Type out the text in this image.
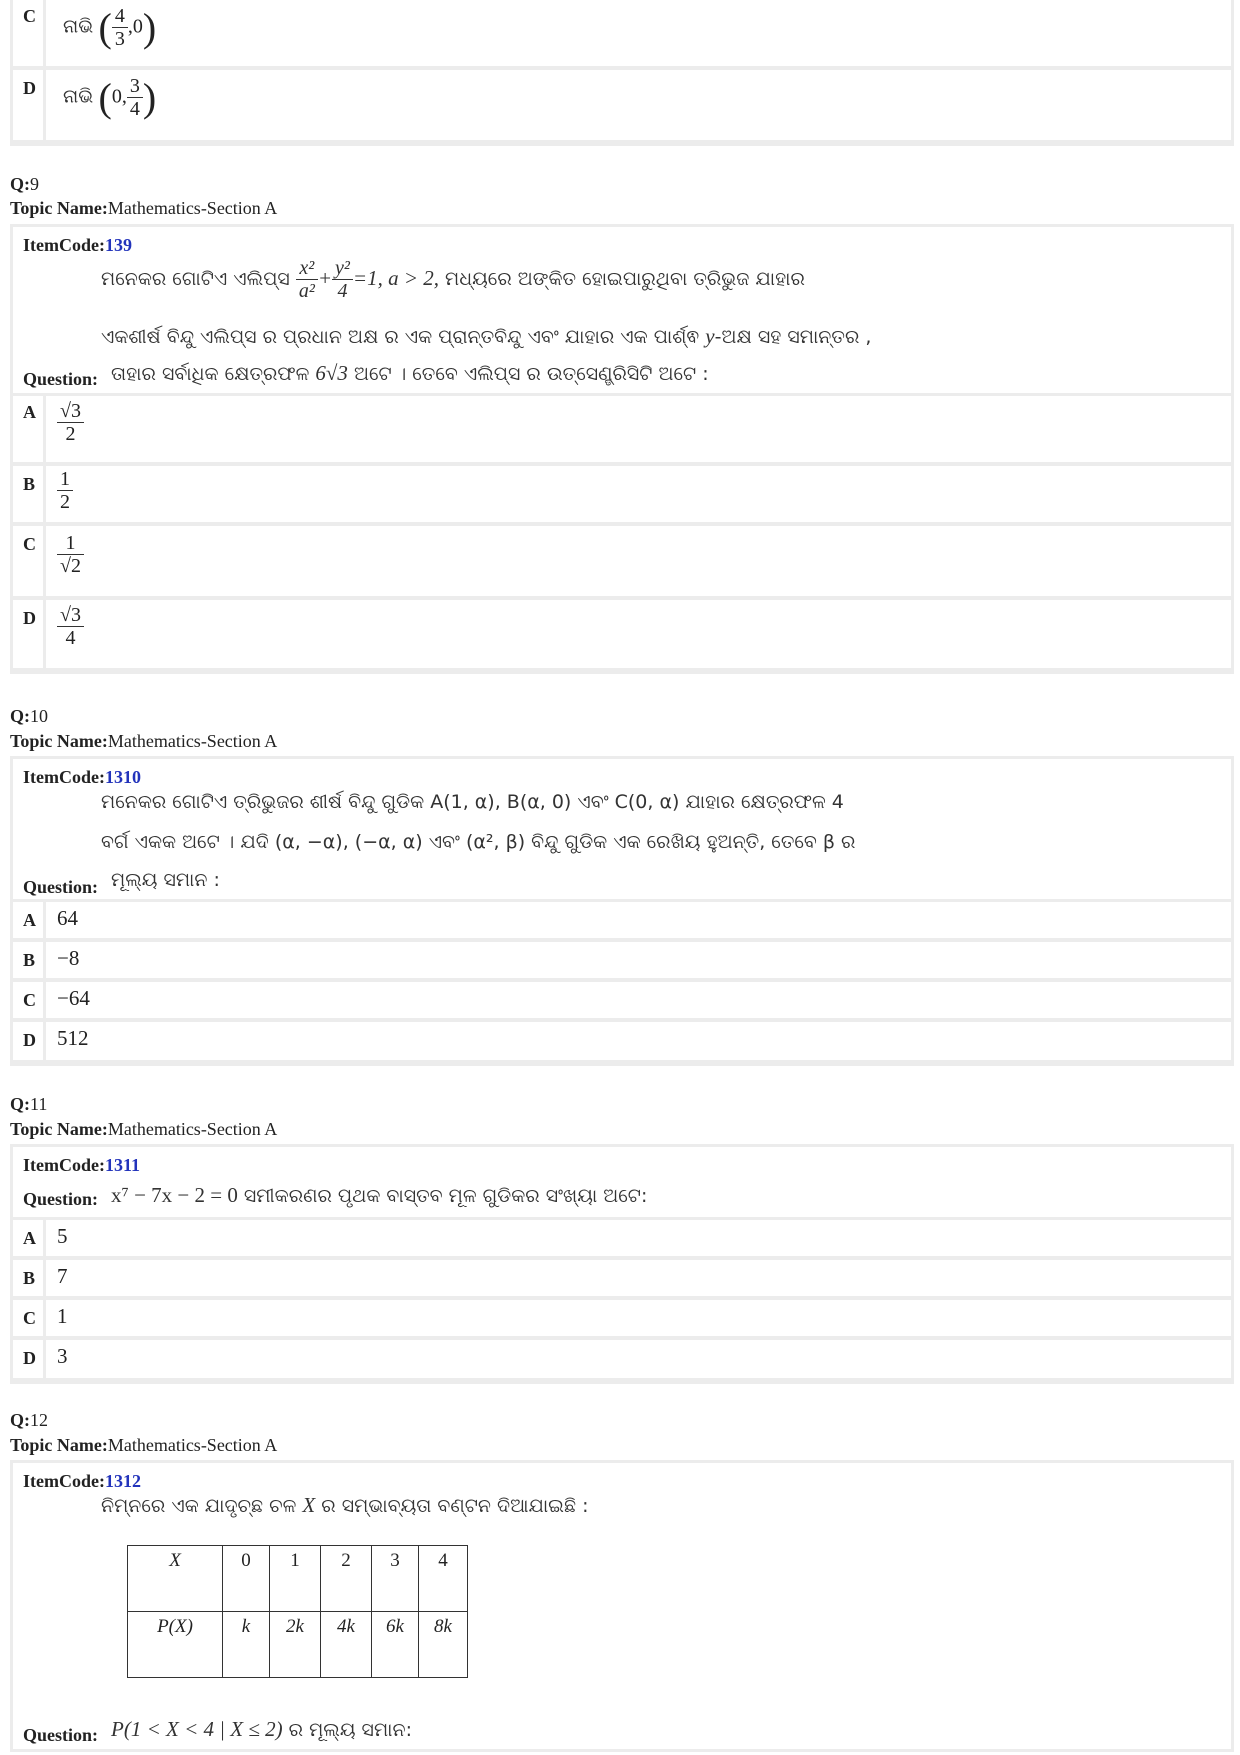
C ନାଭି ( $\frac{4}{3} ,0$)
D ନାଭି (0, $\frac{3}{4}$ )
Q:9
Topic Name:Mathematics-Section A
ItemCode:139
ମନେକର ଗୋଟିଏ ଏଲିପ୍ସ $\frac{\text{x²}}{\text{a²}} + \frac{\text{y²}}{4} =1$, a > 2, ମଧ୍ୟରେ ଅଙ୍କିତ ହୋଇପାରୁଥିବା ତ୍ରିଭୁଜ ଯାହାର
ଏକଶୀର୍ଷ ବିନ୍ଦୁ ଏଲିପ୍ସ ର ପ୍ରଧାନ ଅକ୍ଷ ର ଏକ ପ୍ରାନ୍ତବିନ୍ଦୁ ଏବଂ ଯାହାର ଏକ ପାର୍ଶ୍ଵ y-ଅକ୍ଷ ସହ ସମାନ୍ତର ,
Question: ତାହାର ସର୍ବାଧିକ କ୍ଷେତ୍ରଫଳ 6√3 ଅଟେ । ତେବେ ଏଲିପ୍ସ ର ଉତ୍ସେଣ୍ଡ୍ରିସିଟି ଅଟେ :
A $\frac{√3}{2}$
B $\frac{1}{2}$
C $\frac{1}{√2}$
D $\frac{√3}{4}$
Q:10
Topic Name:Mathematics-Section A
ItemCode:1310
ମନେକର ଗୋଟିଏ ତ୍ରିଭୁଜର ଶୀର୍ଷ ବିନ୍ଦୁ ଗୁଡିକ A(1, α), B(α, 0) ଏବଂ C(0, α) ଯାହାର କ୍ଷେତ୍ରଫଳ 4
ବର୍ଗ ଏକକ ଅଟେ । ଯଦି (α, −α), (−α, α) ଏବଂ (α², β) ବିନ୍ଦୁ ଗୁଡିକ ଏକ ରେଖିୟ ହୁଅନ୍ତି, ତେବେ β ର
Question: ମୂଲ୍ୟ ସମାନ :
A 64
B −8
C −64
D 512
Q:11
Topic Name:Mathematics-Section A
ItemCode:1311
Question: x⁷ − 7x − 2 = 0 ସମୀକରଣର ପୃଥକ ବାସ୍ତବ ମୂଳ ଗୁଡିକର ସଂଖ୍ୟା ଅଟେ:
A 5
B 7
C 1
D 3
Q:12
Topic Name:Mathematics-Section A
ItemCode:1312
ନିମ୍ନରେ ଏକ ଯାଦୃଚ୍ଛ ଚଳ X ର ସମ୍ଭାବ୍ୟତା ବଣ୍ଟନ ଦିଆଯାଇଛି :
X	0	1	2	3	4
P(X)	k	2k	4k	6k	8k
Question: P(1 < X < 4 | X ≤ 2) ର ମୂଲ୍ୟ ସମାନ:
